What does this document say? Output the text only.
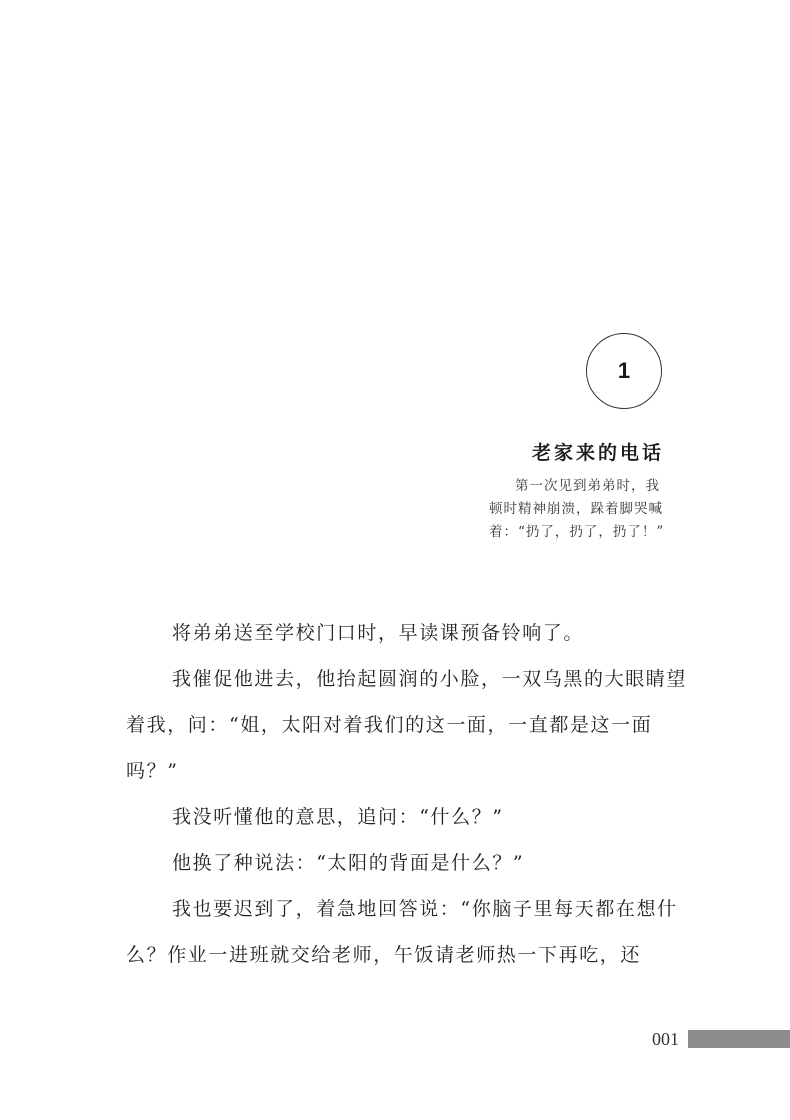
1
老家来的电话

第一次见到弟弟时，我顿时精神崩溃，跺着脚哭喊着：“扔了，扔了，扔了！”

将弟弟送至学校门口时，早读课预备铃响了。

我催促他进去，他抬起圆润的小脸，一双乌黑的大眼睛望着我，问：“姐，太阳对着我们的这一面，一直都是这一面吗？”

我没听懂他的意思，追问：“什么？”

他换了种说法：“太阳的背面是什么？”

我也要迟到了，着急地回答说：“你脑子里每天都在想什么？作业一进班就交给老师，午饭请老师热一下再吃，还

001
